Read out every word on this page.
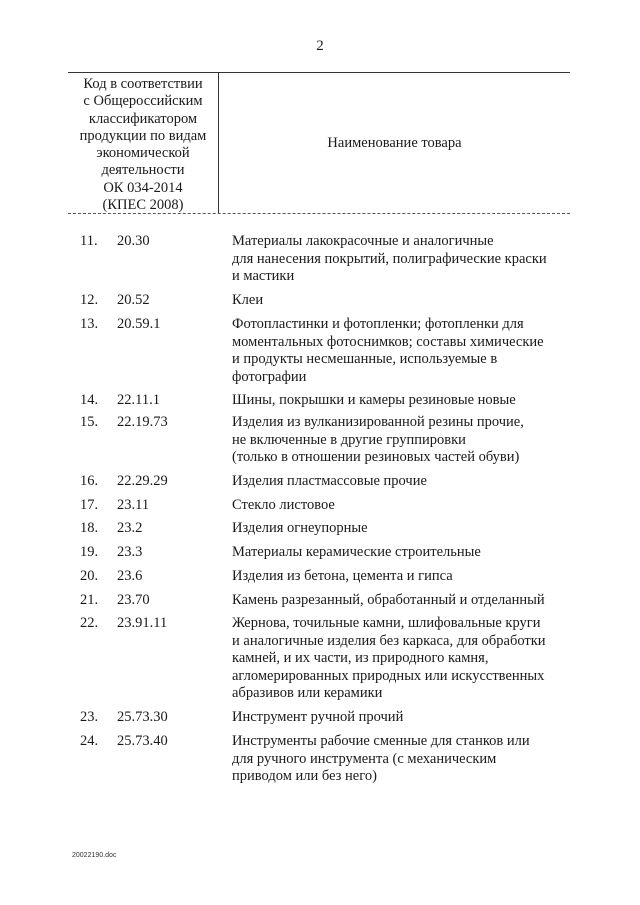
2
Код в соответствии
с Общероссийским
классификатором
продукции по видам
экономической
деятельности
ОК 034-2014
(КПЕС 2008)
Наименование товара
11.	20.30	Материалы лакокрасочные и аналогичные
для нанесения покрытий, полиграфические краски
и мастики
12.	20.52	Клеи
13.	20.59.1	Фотопластинки и фотопленки; фотопленки для
моментальных фотоснимков; составы химические
и продукты несмешанные, используемые в
фотографии
14.	22.11.1	Шины, покрышки и камеры резиновые новые
15.	22.19.73	Изделия из вулканизированной резины прочие,
не включенные в другие группировки
(только в отношении резиновых частей обуви)
16.	22.29.29	Изделия пластмассовые прочие
17.	23.11	Стекло листовое
18.	23.2	Изделия огнеупорные
19.	23.3	Материалы керамические строительные
20.	23.6	Изделия из бетона, цемента и гипса
21.	23.70	Камень разрезанный, обработанный и отделанный
22.	23.91.11	Жернова, точильные камни, шлифовальные круги
и аналогичные изделия без каркаса, для обработки
камней, и их части, из природного камня,
агломерированных природных или искусственных
абразивов или керамики
23.	25.73.30	Инструмент ручной прочий
24.	25.73.40	Инструменты рабочие сменные для станков или
для ручного инструмента (с механическим
приводом или без него)
20022190.doc
